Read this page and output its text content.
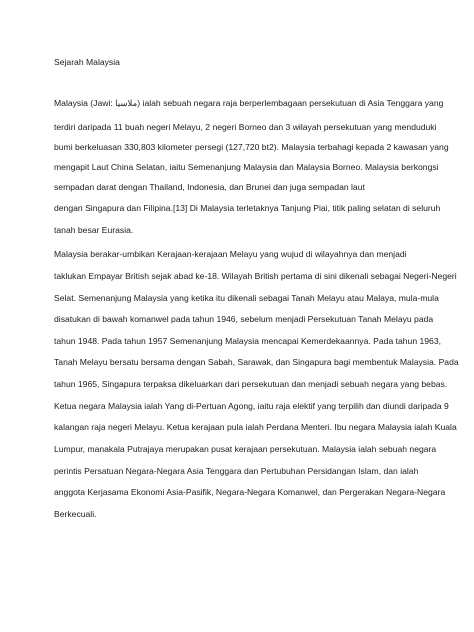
Sejarah Malaysia
Malaysia (Jawi: ملاسيا) ialah sebuah negara raja berperlembagaan persekutuan di Asia Tenggara yang
terdiri daripada 11 buah negeri Melayu, 2 negeri Borneo dan 3 wilayah persekutuan yang menduduki
bumi berkeluasan 330,803 kilometer persegi (127,720 bt2). Malaysia terbahagi kepada 2 kawasan yang
mengapit Laut China Selatan, iaitu Semenanjung Malaysia dan Malaysia Borneo. Malaysia berkongsi
sempadan darat dengan Thailand, Indonesia, dan Brunei dan juga sempadan laut
dengan Singapura dan Filipina.[13] Di Malaysia terletaknya Tanjung Piai, titik paling selatan di seluruh
tanah besar Eurasia.
Malaysia berakar-umbikan Kerajaan-kerajaan Melayu yang wujud di wilayahnya dan menjadi
taklukan Empayar British sejak abad ke-18. Wilayah British pertama di sini dikenali sebagai Negeri-Negeri
Selat. Semenanjung Malaysia yang ketika itu dikenali sebagai Tanah Melayu atau Malaya, mula-mula
disatukan di bawah komanwel pada tahun 1946, sebelum menjadi Persekutuan Tanah Melayu pada
tahun 1948. Pada tahun 1957 Semenanjung Malaysia mencapai Kemerdekaannya. Pada tahun 1963,
Tanah Melayu bersatu bersama dengan Sabah, Sarawak, dan Singapura bagi membentuk Malaysia. Pada
tahun 1965, Singapura terpaksa dikeluarkan dari persekutuan dan menjadi sebuah negara yang bebas.
Ketua negara Malaysia ialah Yang di-Pertuan Agong, iaitu raja elektif yang terpilih dan diundi daripada 9
kalangan raja negeri Melayu. Ketua kerajaan pula ialah Perdana Menteri. Ibu negara Malaysia ialah Kuala
Lumpur, manakala Putrajaya merupakan pusat kerajaan persekutuan. Malaysia ialah sebuah negara
perintis Persatuan Negara-Negara Asia Tenggara dan Pertubuhan Persidangan Islam, dan ialah
anggota Kerjasama Ekonomi Asia-Pasifik, Negara-Negara Komanwel, dan Pergerakan Negara-Negara
Berkecuali.
